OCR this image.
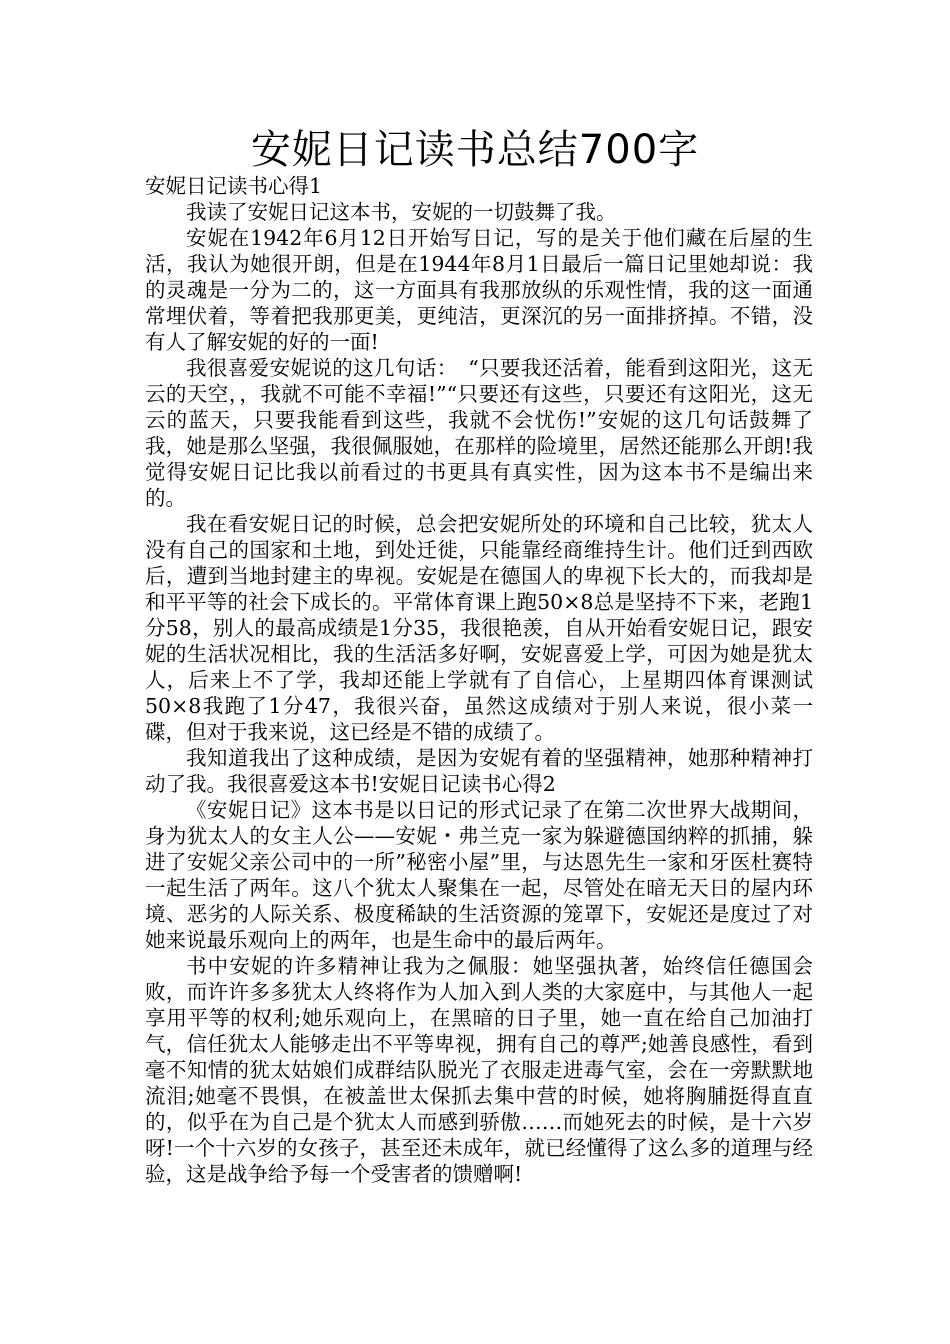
安妮日记读书总结700字

安妮日记读书心得1

我读了安妮日记这本书，安妮的一切鼓舞了我。

安妮在1942年6月12日开始写日记，写的是关于他们藏在后屋的生活，我认为她很开朗，但是在1944年8月1日最后一篇日记里她却说：我的灵魂是一分为二的，这一方面具有我那放纵的乐观性情，我的这一面通常埋伏着，等着把我那更美，更纯洁，更深沉的另一面排挤掉。不错，没有人了解安妮的好的一面!

我很喜爱安妮说的这几句话：　“只要我还活着，能看到这阳光，这无云的天空，，我就不可能不幸福!”“只要还有这些，只要还有这阳光，这无云的蓝天，只要我能看到这些，我就不会忧伤!”安妮的这几句话鼓舞了我，她是那么坚强，我很佩服她，在那样的险境里，居然还能那么开朗!我觉得安妮日记比我以前看过的书更具有真实性，因为这本书不是编出来的。

我在看安妮日记的时候，总会把安妮所处的环境和自己比较，犹太人没有自己的国家和土地，到处迁徙，只能靠经商维持生计。他们迁到西欧后，遭到当地封建主的卑视。安妮是在德国人的卑视下长大的，而我却是和平平等的社会下成长的。平常体育课上跑50×8总是坚持不下来，老跑1分58，别人的最高成绩是1分35，我很艳羡，自从开始看安妮日记，跟安妮的生活状况相比，我的生活活多好啊，安妮喜爱上学，可因为她是犹太人，后来上不了学，我却还能上学就有了自信心，上星期四体育课测试50×8我跑了1分47，我很兴奋，虽然这成绩对于别人来说，很小菜一碟，但对于我来说，这已经是不错的成绩了。

我知道我出了这种成绩，是因为安妮有着的坚强精神，她那种精神打动了我。我很喜爱这本书!安妮日记读书心得2

《安妮日记》这本书是以日记的形式记录了在第二次世界大战期间，身为犹太人的女主人公——安妮・弗兰克一家为躲避德国纳粹的抓捕，躲进了安妮父亲公司中的一所”秘密小屋”里，与达恩先生一家和牙医杜赛特一起生活了两年。这八个犹太人聚集在一起，尽管处在暗无天日的屋内环境、恶劣的人际关系、极度稀缺的生活资源的笼罩下，安妮还是度过了对她来说最乐观向上的两年，也是生命中的最后两年。

书中安妮的许多精神让我为之佩服：她坚强执著，始终信任德国会败，而许许多多犹太人终将作为人加入到人类的大家庭中，与其他人一起享用平等的权利;她乐观向上，在黑暗的日子里，她一直在给自己加油打气，信任犹太人能够走出不平等卑视，拥有自己的尊严;她善良感性，看到毫不知情的犹太姑娘们成群结队脱光了衣服走进毒气室，会在一旁默默地流泪;她毫不畏惧，在被盖世太保抓去集中营的时候，她将胸脯挺得直直的，似乎在为自己是个犹太人而感到骄傲……而她死去的时候，是十六岁呀!一个十六岁的女孩子，甚至还未成年，就已经懂得了这么多的道理与经验，这是战争给予每一个受害者的馈赠啊!
